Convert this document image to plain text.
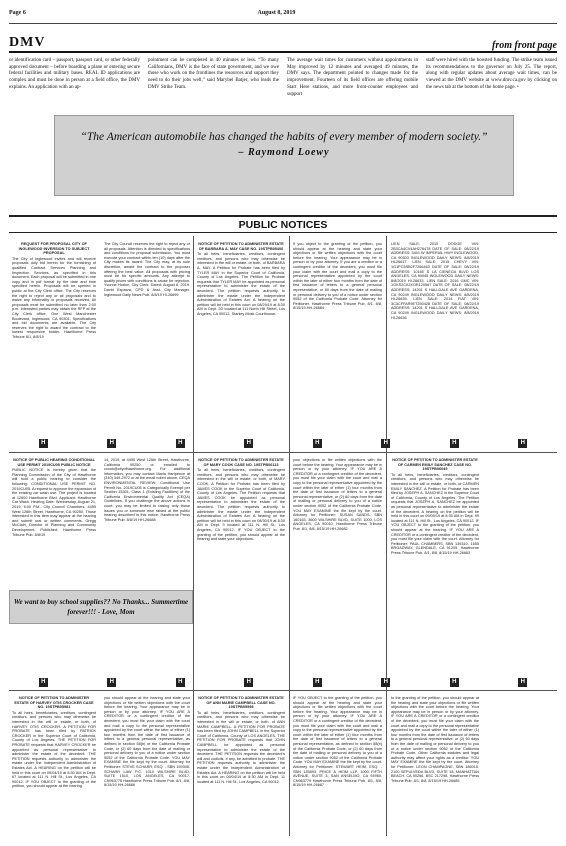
Page 6	August 8, 2019
DMV	from front page

or identification card – passport, passport card, or other federally approved document – before boarding a plane or entering secure federal facilities and military bases. REAL ID applications are complex and must be done in person at a field office, the DMV explains. An application with an ap-

pointment can be completed in 40 minutes or less. “To many Californians, DMV is the face of state government, and we owe those who work on the frontlines the resources and support they need to do their jobs well,” said Marybel Batjer, who leads the DMV Strike Team.

The average wait times for customers without appointments in May improved by 12 minutes and averaged 49 minutes, the DMV says. The department pointed to changes made for the improvement. Fourteen of its field offices are offering mobile Start Here stations, and more front-counter employees and support

staff were hired with the boosted funding. The strike team issued its recommendations to the governor on July 25. The report, along with regular updates about average wait times, can be viewed at the DMV website at www.dmv.ca.gov by clicking on the news tab at the bottom of the home page. •

“The American automobile has changed the habits of every member of modern society.”
– Raymond Loewy
PUBLIC NOTICES
REQUEST FOR PROPOSAL CITY OF INGLEWOOD INVERSION TO SUBJECT PROPOSAL
The City of Inglewood invites and will receive proposals duly bid herein for the furnishing of qualified Contract Services Planning and Inspection Services, as specified in this document. Each proposal will be submitted in one copy and in pdf format by the date and time specified herein. Proposals will be opened in public at the City Clerk office. The City reserves the right to reject any or all proposals and to waive any informality in proposals received. All proposals must be submitted no later than 2:00 p.m. Interested parties may obtain the RFP at the City Clerk office, One West Manchester Boulevard, Inglewood, CA 90301. Specifications and bid documents are available. The City reserves the right to award the contract to the lowest responsive bidder. Hawthorne Press Tribune 8/1, 8/8/19
The City Council reserves the right to reject any or all proposals. Attention is directed to specifications and conditions for proposal submission. You must execute your contract within ten (10) days after the City makes its award. The City may, at its sole discretion, award the contract to the proposer offering the best value. All proposals with pricing must be for specific amounts. Any attempt to qualify prices with conditions is cause for rejection. Yvonne Horton, City Clerk. Dated: August 8, 2019. David Esparza, CPD & Asst. City Manager. Inglewood Daily News Pub. 8/8/19 HI-26699
NOTICE OF PETITION TO ADMINISTER ESTATE OF BARBARA A. MAY CASE NO. 19STPB05406
To all heirs, beneficiaries, creditors, contingent creditors, and persons who may otherwise be interested in the will or estate, or both, of BARBARA A. MAY. A Petition for Probate has been filed by TYLER MAY in the Superior Court of California, County of Los Angeles. The Petition for Probate requests that TYLER MAY be appointed as personal representative to administer the estate of the decedent. The petition requests authority to administer the estate under the Independent Administration of Estates Act. A hearing on the petition will be held in this court on 08/29/19 at 8:30 AM in Dept. 2D located at 111 North Hill Street, Los Angeles, CA 90012, Stanley Mosk Courthouse.
If you object to the granting of the petition, you should appear at the hearing and state your objections or file written objections with the court before the hearing. Your appearance may be in person or by your attorney. If you are a creditor or a contingent creditor of the decedent, you must file your claim with the court and mail a copy to the personal representative appointed by the court within the later of either four months from the date of first issuance of letters to a general personal representative, or 60 days from the date of mailing or personal delivery to you of a notice under section 9052 of the California Probate Code. Attorney for Petitioner. Hawthorne Press Tribune Pub. 8/1, 8/8, 8/15/19 HH-26684
LIEN SALE: 2010 DODGE VIN: 2B3CA4CV4AH276478 DATE OF SALE: 08/22/19 ADDRESS: 3401 W IMPERIAL HWY INGLEWOOD, CA 90303 INGLEWOOD DAILY NEWS: 8/8/2019 HI-26617. LIEN SALE: 2015 CHEVY VIN: 1G1PC5SB2F7266463 DATE OF SALE: 08/22/19 ADDRESS: 10165 S LA CIENEGA BLVD LOS ANGELES, CA 90045 INGLEWOOD DAILY NEWS: 8/8/2019 HI-26633. LIEN SALE: 2016 GMC VIN: 1GKS2CKJXGR120567 DATE OF SALE: 08/22/19 ADDRESS: 14201 S HALLDALE AVE GARDENA, CA 90249 INGLEWOOD DAILY NEWS: 8/8/2019 HI-26635. LIEN SALE: 2014 FIAT VIN: 3C3CFFAR9ET250428 DATE OF SALE: 08/22/19 ADDRESS: 14201 S HALLDALE AVE GARDENA, CA 90249 INGLEWOOD DAILY NEWS: 8/8/2019 HI-26636
H	H	H	H	H	H	H	H
NOTICE OF PUBLIC HEARING CONDITIONAL USE PERMIT 2019CU05 PUBLIC NOTICE
PUBLIC NOTICE is hereby given that the Planning Commission of the City of Hawthorne will hold a public hearing to consider the following: CONDITIONAL USE PERMIT NO. 2019CU05. A request to approve the expansion of the existing car wash use. The project is located at 12600 Hawthorne Blvd. Applicant: Hawthorne Car Wash. Hearing Date: Wednesday, August 21, 2019, 6:00 P.M., City Council Chambers, 4455 West 126th Street, Hawthorne, CA 90250. Those interested in this item may appear at the hearing and submit oral or written comments. Gregg McClain, Director of Planning and Community Development. Published: Hawthorne Press Tribune Pub. 8/8/19
14, 2019, at 4455 West 126th Street, Hawthorne, California 90250 or emailed to ccook@cityofhawthorne.org. For additional information, you may contact Maria Hartpence at (310) 349-2972 or at the email noted above. CEQA ENVIRONMENTAL REVIEW: Conditional Use Permit No. 2019CU05 is Categorically Exempt per Section 15301, Class 1 (Existing Facilities) of the California Environmental Quality Act (CEQA) Guidelines. If you challenge the above actions in court, you may be limited to raising only those issues you or someone else raised at the public hearing described in this notice. Hawthorne Press Tribune Pub. 8/8/19 HH-26688
NOTICE OF PETITION TO ADMINISTER ESTATE OF MARY COOK CASE NO. 19STPB06113
To all heirs, beneficiaries, creditors, contingent creditors, and persons who may otherwise be interested in the will or estate, or both, of MARY COOK. A Petition for Probate has been filed by JAMES COOK in the Superior Court of California, County of Los Angeles. The Petition requests that JAMES COOK be appointed as personal representative to administer the estate of the decedent. The petition requests authority to administer the estate under the Independent Administration of Estates Act. A hearing on the petition will be held in this court on 08/30/19 at 8:30 AM in Dept. 9 located at 111 N. Hill St., Los Angeles, CA 90012. IF YOU OBJECT to the granting of the petition, you should appear at the hearing and state your objections.
your objections or file written objections with the court before the hearing. Your appearance may be in person or by your attorney. IF YOU ARE A CREDITOR or a contingent creditor of the decedent, you must file your claim with the court and mail a copy to the personal representative appointed by the court within the later of either (1) four months from the date of first issuance of letters to a general personal representative, or (2) 60 days from the date of mailing or personal delivery to you of a notice under section 9052 of the California Probate Code. YOU MAY EXAMINE the file kept by the court. Attorney for Petitioner: SUSAN SANDS, SBN 160163. 3600 WILSHIRE BLVD, SUITE 1000, LOS ANGELES, CA 90010. Hawthorne Press Tribune Pub. 8/1, 8/8, 8/15/19 HH-26682
NOTICE OF PETITION TO ADMINISTER ESTATE OF CARMEN EMILY SANCHEZ CASE NO. 19STPB06049
To all heirs, beneficiaries, creditors, contingent creditors, and persons who may otherwise be interested in the will or estate, or both, of CARMEN EMILY SANCHEZ. A Petition for Probate has been filed by JOSEPH A. SANCHEZ in the Superior Court of California, County of Los Angeles. The Petition requests that JOSEPH A. SANCHEZ be appointed as personal representative to administer the estate of the decedent. A hearing on the petition will be held in this court on 09/05/19 at 8:30 AM in Dept. 99 located at 111 N. Hill St., Los Angeles, CA 90012. IF YOU OBJECT to the granting of the petition, you should appear at the hearing. IF YOU ARE A CREDITOR or a contingent creditor of the decedent, you must file your claim with the court. Attorney for Petitioner: PAUL CHAMBERS, SBN 139310. 1555 BROADWAY, GLENDALE, CA 91205. Hawthorne Press Tribune Pub. 8/1, 8/8, 8/15/19 HH-26683
We want to buy school supplies?? No Thanks... Summertime forever!!! - Love, Mom
H	H	H	H	H	H	H	H
NOTICE OF PETITION TO ADMINISTER ESTATE OF HARVEY OTIS CROCKER CASE NO. 19STPB05981
To all heirs, beneficiaries, creditors, contingent creditors, and persons who may otherwise be interested in the will or estate, or both, of HARVEY OTIS CROCKER. A PETITION FOR PROBATE has been filed by PATRICK CROCKER in the Superior Court of California, County of Los Angeles. THE PETITION FOR PROBATE requests that HARVEY CROCKER be appointed as personal representative to administer the estate of the decedent. THE PETITION requests authority to administer the estate under the Independent Administration of Estates Act. A HEARING on the petition will be held in this court on 09/04/19 at 8:30 AM in Dept. 67 located at 111 N. Hill St., Los Angeles, CA 90012. IF YOU OBJECT to the granting of the petition, you should appear at the hearing.
you should appear at the hearing and state your objections or file written objections with the court before the hearing. Your appearance may be in person or by your attorney. IF YOU ARE A CREDITOR or a contingent creditor of the decedent, you must file your claim with the court and mail a copy to the personal representative appointed by the court within the later of either (1) four months from the date of first issuance of letters to a general personal representative, as defined in section 58(b) of the California Probate Code, or (2) 60 days from the date of mailing or personal delivery to you of a notice under section 9052 of the California Probate Code. YOU MAY EXAMINE the file kept by the court. Attorney for Petitioner: STEVE SCHARR, ESQ. - SBN 159306. SCHARR LAW P.C. 1010 WILSHIRE BLVD, SUITE 1510, LOS ANGELES, CA 90017. CN963778 Hawthorne Press Tribune Pub. 8/1, 8/8, 8/15/19 HH-26686
NOTICE OF PETITION TO ADMINISTER ESTATE OF ANN MARIE CAMPBELL CASE NO. 19STPB05998
To all heirs, beneficiaries, creditors, contingent creditors, and persons who may otherwise be interested in the will or estate, or both, of ANN MARIE CAMPBELL. A PETITION FOR PROBATE has been filed by JOHN CAMPBELL in the Superior Court of California, County of LOS ANGELES. THE PETITION FOR PROBATE requests that JOHN CAMPBELL be appointed as personal representative to administer the estate of the decedent. THE PETITION requests the decedent's will and codicils, if any, be admitted to probate. THE PETITION requests authority to administer the estate under the Independent Administration of Estates Act. A HEARING on the petition will be held in this court on 09/04/19 at 8:30 AM in Dept. 11 located at 111 N. Hill St., Los Angeles, CA 90012.
IF YOU OBJECT to the granting of the petition, you should appear at the hearing and state your objections or file written objections with the court before the hearing. Your appearance may be in person or by your attorney. IF YOU ARE A CREDITOR or a contingent creditor of the decedent, you must file your claim with the court and mail a copy to the personal representative appointed by the court within the later of either (1) four months from the date of first issuance of letters to a general personal representative, as defined in section 58(b) of the California Probate Code, or (2) 60 days from the date of mailing or personal delivery to you of a notice under section 9052 of the California Probate Code. YOU MAY EXAMINE the file kept by the court. Attorney for Petitioner: STEWART HEIM, ESQ. - SBN 135893. PRICE & HEIM LLP. 1000 FIFTH AVENUE, SUITE 3, SAN ANSELMO, CA 94960. CN963779 Hawthorne Press Tribune Pub. 8/1, 8/8, 8/15/19 HH-26687
to the granting of the petition, you should appear at the hearing and state your objections or file written objections with the court before the hearing. Your appearance may be in person or by your attorney. IF YOU ARE A CREDITOR or a contingent creditor of the decedent, you must file your claim with the court and mail a copy to the personal representative appointed by the court within the later of either (1) four months from the date of first issuance of letters to a general personal representative, or (2) 60 days from the date of mailing or personal delivery to you of a notice under section 9052 of the California Probate Code. Other California statutes and legal authority may affect your rights as a creditor. YOU MAY EXAMINE the file kept by the court. Attorney for Petitioner: LEON CHAMPAGNE, SBN 186015. 2100 SEPULVEDA BLVD, SUITE 18, MANHATTAN BEACH, CA 90266. BSC 217298. Hawthorne Press Tribune Pub. 8/1, 8/8, 8/15/19 HH-26685
